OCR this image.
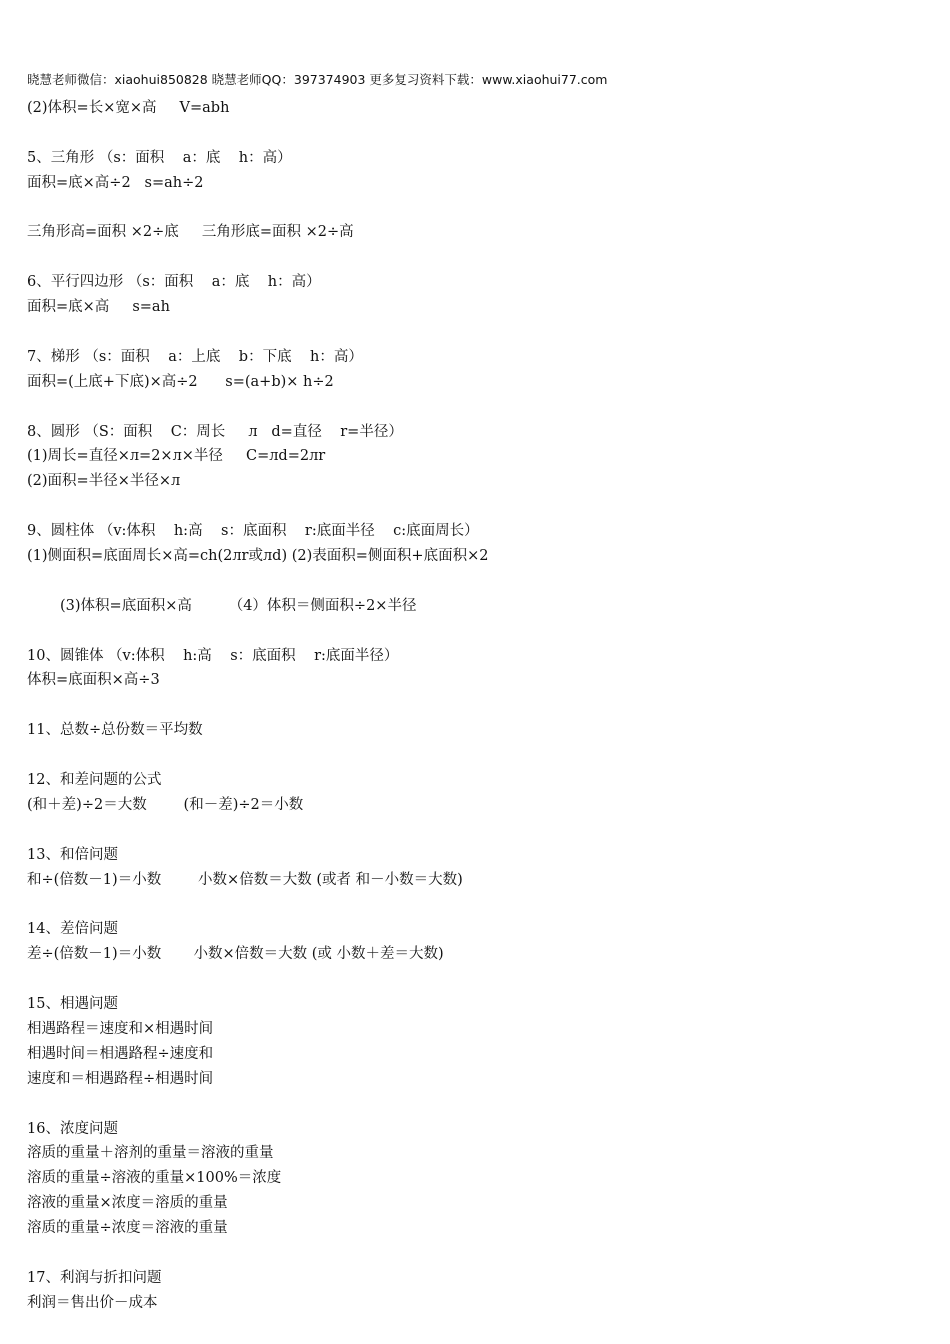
晓慧老师微信：xiaohui850828 晓慧老师QQ：397374903 更多复习资料下载：www.xiaohui77.com
(2)体积=长×宽×高     V=abh
5、三角形 （s：面积    a：底    h：高）
面积=底×高÷2   s=ah÷2
三角形高=面积 ×2÷底     三角形底=面积 ×2÷高
6、平行四边形 （s：面积    a：底    h：高）
面积=底×高     s=ah
7、梯形 （s：面积    a：上底    b：下底    h：高）
面积=(上底+下底)×高÷2      s=(a+b)× h÷2
8、圆形 （S：面积    C：周长     л   d=直径    r=半径）
(1)周长=直径×л=2×л×半径     C=лd=2лr
(2)面积=半径×半径×л
9、圆柱体 （v:体积    h:高    s：底面积    r:底面半径    c:底面周长）
(1)侧面积=底面周长×高=ch(2лr或лd) (2)表面积=侧面积+底面积×2
(3)体积=底面积×高        （4）体积＝侧面积÷2×半径
10、圆锥体 （v:体积    h:高    s：底面积    r:底面半径）
体积=底面积×高÷3
11、总数÷总份数＝平均数
12、和差问题的公式
(和＋差)÷2＝大数        (和－差)÷2＝小数
13、和倍问题
和÷(倍数－1)＝小数        小数×倍数＝大数 (或者 和－小数＝大数)
14、差倍问题
差÷(倍数－1)＝小数       小数×倍数＝大数 (或 小数＋差＝大数)
15、相遇问题
相遇路程＝速度和×相遇时间
相遇时间＝相遇路程÷速度和
速度和＝相遇路程÷相遇时间
16、浓度问题
溶质的重量＋溶剂的重量＝溶液的重量
溶质的重量÷溶液的重量×100%＝浓度
溶液的重量×浓度＝溶质的重量
溶质的重量÷浓度＝溶液的重量
17、利润与折扣问题
利润＝售出价－成本
